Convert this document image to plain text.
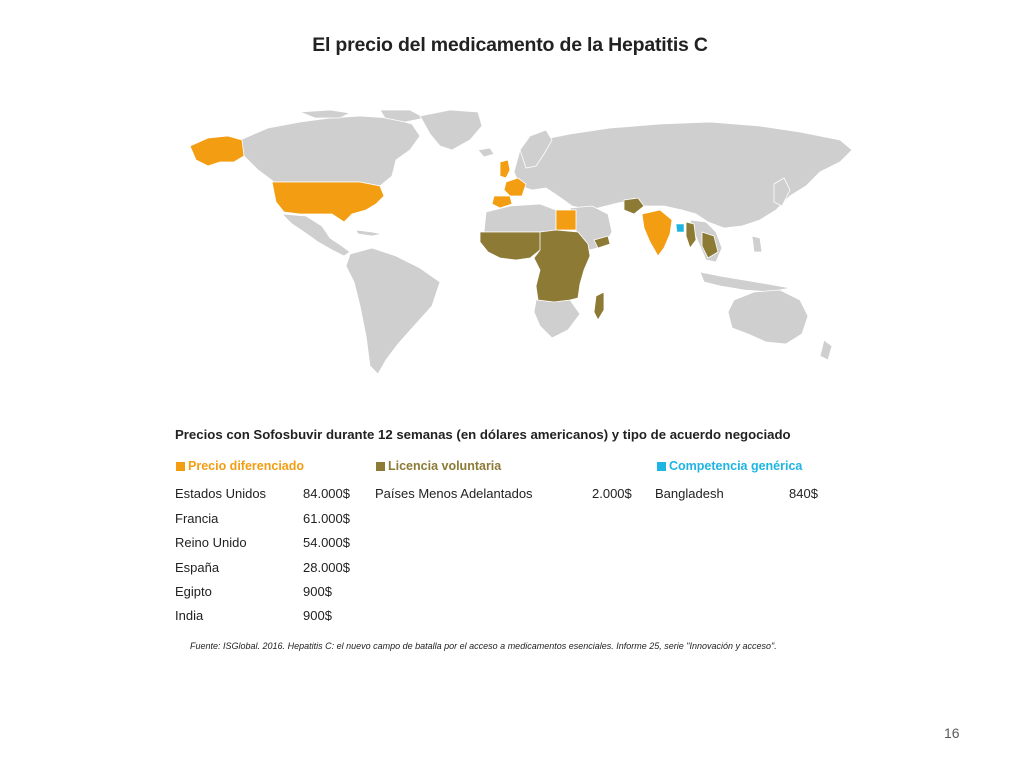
El precio del medicamento de la Hepatitis C
Precios con Sofosbuvir durante 12 semanas (en dólares americanos) y tipo de acuerdo negociado
Precio diferenciado
Estados Unidos	84.000$
Francia	61.000$
Reino Unido	54.000$
España	28.000$
Egipto	900$
India	900$
Licencia voluntaria
Países Menos Adelantados	2.000$
Competencia genérica
Bangladesh	840$
Fuente: ISGlobal. 2016. Hepatitis C: el nuevo campo de batalla por el acceso a medicamentos esenciales. Informe 25, serie "Innovación y acceso".
16
